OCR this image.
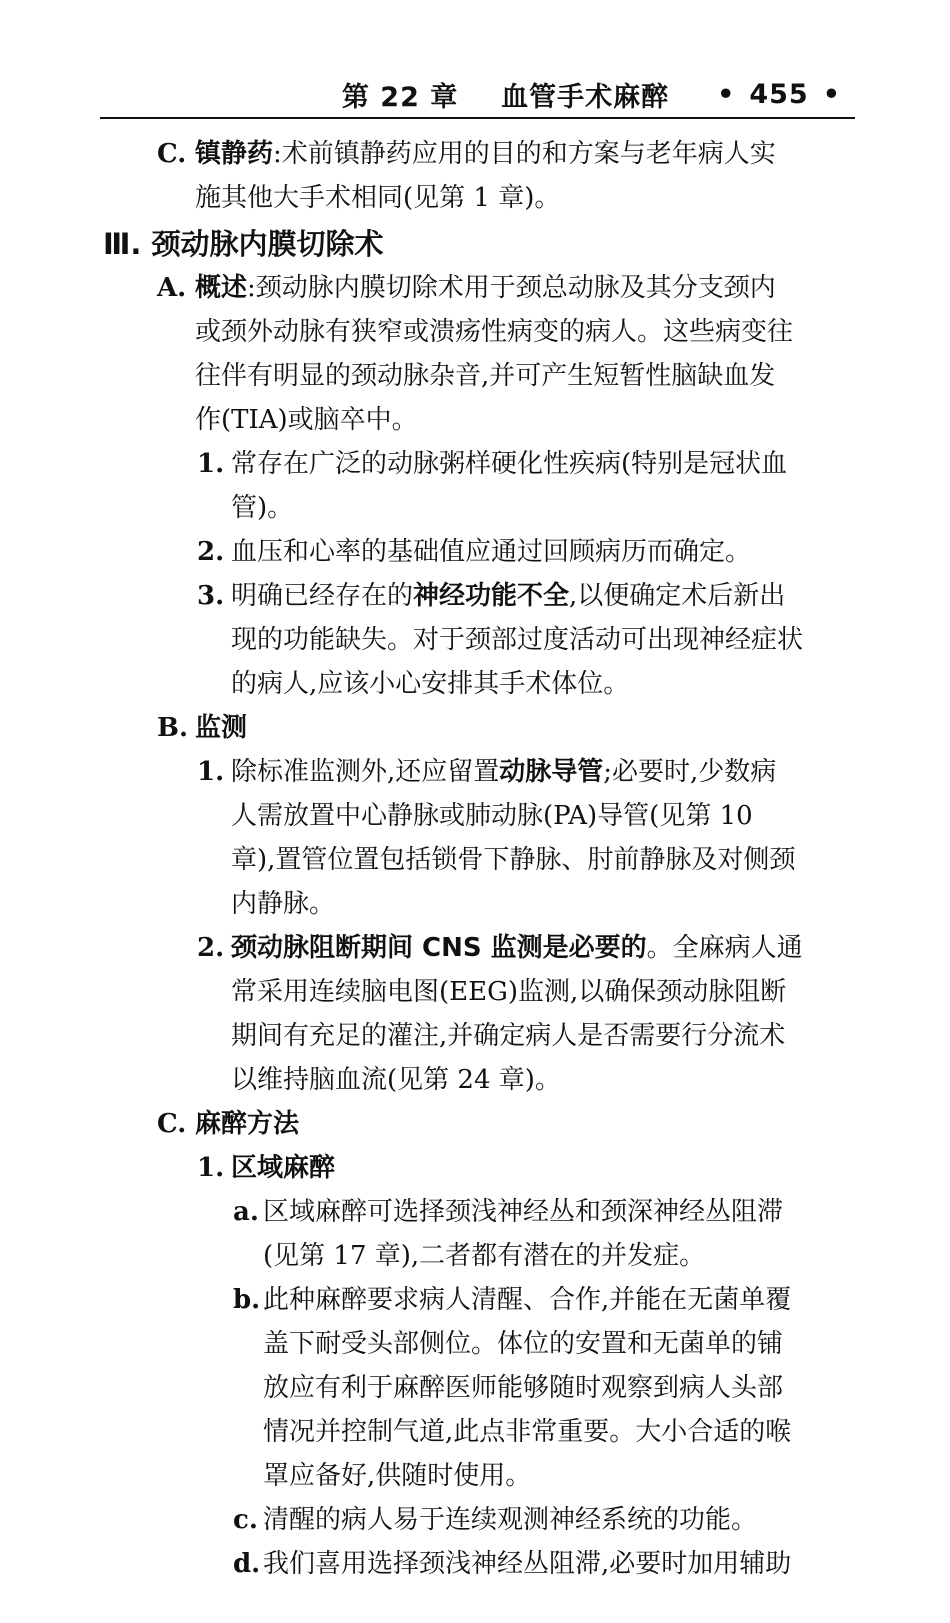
第 22 章 血管手术麻醉 • 455 •
C. 镇静药:术前镇静药应用的目的和方案与老年病人实
施其他大手术相同(见第 1 章)。
Ⅲ. 颈动脉内膜切除术
A. 概述:颈动脉内膜切除术用于颈总动脉及其分支颈内
或颈外动脉有狭窄或溃疡性病变的病人。这些病变往
往伴有明显的颈动脉杂音,并可产生短暂性脑缺血发
作(TIA)或脑卒中。
1. 常存在广泛的动脉粥样硬化性疾病(特别是冠状血
管)。
2. 血压和心率的基础值应通过回顾病历而确定。
3. 明确已经存在的神经功能不全,以便确定术后新出
现的功能缺失。对于颈部过度活动可出现神经症状
的病人,应该小心安排其手术体位。
B. 监测
1. 除标准监测外,还应留置动脉导管;必要时,少数病
人需放置中心静脉或肺动脉(PA)导管(见第 10
章),置管位置包括锁骨下静脉、肘前静脉及对侧颈
内静脉。
2. 颈动脉阻断期间 CNS 监测是必要的。全麻病人通
常采用连续脑电图(EEG)监测,以确保颈动脉阻断
期间有充足的灌注,并确定病人是否需要行分流术
以维持脑血流(见第 24 章)。
C. 麻醉方法
1. 区域麻醉
a. 区域麻醉可选择颈浅神经丛和颈深神经丛阻滞
(见第 17 章),二者都有潜在的并发症。
b. 此种麻醉要求病人清醒、合作,并能在无菌单覆
盖下耐受头部侧位。体位的安置和无菌单的铺
放应有利于麻醉医师能够随时观察到病人头部
情况并控制气道,此点非常重要。大小合适的喉
罩应备好,供随时使用。
c. 清醒的病人易于连续观测神经系统的功能。
d. 我们喜用选择颈浅神经丛阻滞,必要时加用辅助
